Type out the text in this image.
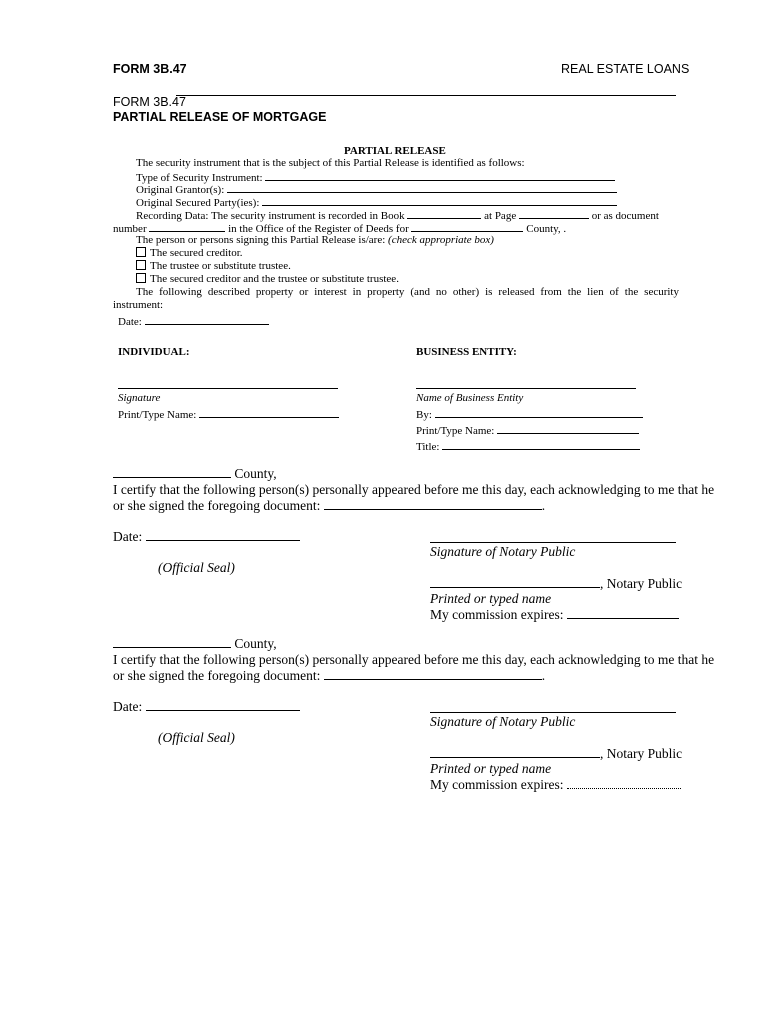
FORM 3B.47	REAL ESTATE LOANS
FORM 3B.47
PARTIAL RELEASE OF MORTGAGE
PARTIAL RELEASE
The security instrument that is the subject of this Partial Release is identified as follows:
Type of Security Instrument:
Original Grantor(s):
Original Secured Party(ies):
Recording Data: The security instrument is recorded in Book	at Page	or as document
number	in the Office of the Register of Deeds for	County, .
The person or persons signing this Partial Release is/are: (check appropriate box)
The secured creditor.
The trustee or substitute trustee.
The secured creditor and the trustee or substitute trustee.
The following described property or interest in property (and no other) is released from the lien of the security
instrument:
Date:
INDIVIDUAL:	BUSINESS ENTITY:
Signature
Print/Type Name:
Name of Business Entity
By:
Print/Type Name:
Title:
County,
I certify that the following person(s) personally appeared before me this day, each acknowledging to me that he
or she signed the foregoing document:	.
Date:
Signature of Notary Public
(Official Seal)
, Notary Public
Printed or typed name
My commission expires:
County,
I certify that the following person(s) personally appeared before me this day, each acknowledging to me that he
or she signed the foregoing document:	.
Date:
Signature of Notary Public
(Official Seal)
, Notary Public
Printed or typed name
My commission expires:
